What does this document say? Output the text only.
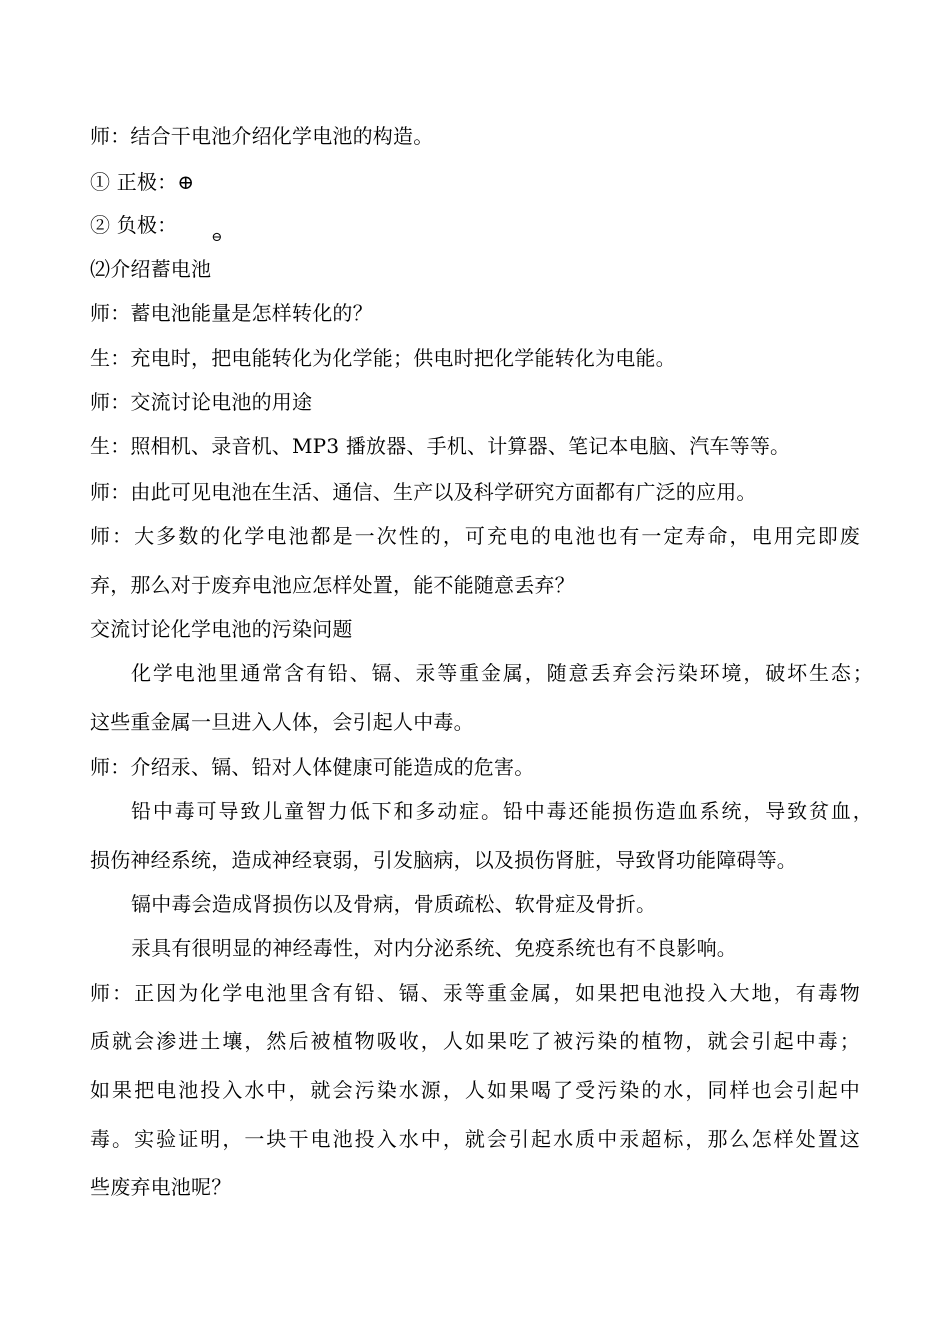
师：结合干电池介绍化学电池的构造。
① 正极：⊕
② 负极：⊖
⑵介绍蓄电池
师：蓄电池能量是怎样转化的？
生：充电时，把电能转化为化学能；供电时把化学能转化为电能。
师：交流讨论电池的用途
生：照相机、录音机、MP3 播放器、手机、计算器、笔记本电脑、汽车等等。
师：由此可见电池在生活、通信、生产以及科学研究方面都有广泛的应用。
师：大多数的化学电池都是一次性的，可充电的电池也有一定寿命，电用完即废
弃，那么对于废弃电池应怎样处置，能不能随意丢弃？
交流讨论化学电池的污染问题
化学电池里通常含有铅、镉、汞等重金属，随意丢弃会污染环境，破坏生态；
这些重金属一旦进入人体，会引起人中毒。
师：介绍汞、镉、铅对人体健康可能造成的危害。
铅中毒可导致儿童智力低下和多动症。铅中毒还能损伤造血系统，导致贫血，
损伤神经系统，造成神经衰弱，引发脑病，以及损伤肾脏，导致肾功能障碍等。
镉中毒会造成肾损伤以及骨病，骨质疏松、软骨症及骨折。
汞具有很明显的神经毒性，对内分泌系统、免疫系统也有不良影响。
师：正因为化学电池里含有铅、镉、汞等重金属，如果把电池投入大地，有毒物
质就会渗进土壤，然后被植物吸收，人如果吃了被污染的植物，就会引起中毒；
如果把电池投入水中，就会污染水源，人如果喝了受污染的水，同样也会引起中
毒。实验证明，一块干电池投入水中，就会引起水质中汞超标，那么怎样处置这
些废弃电池呢？
